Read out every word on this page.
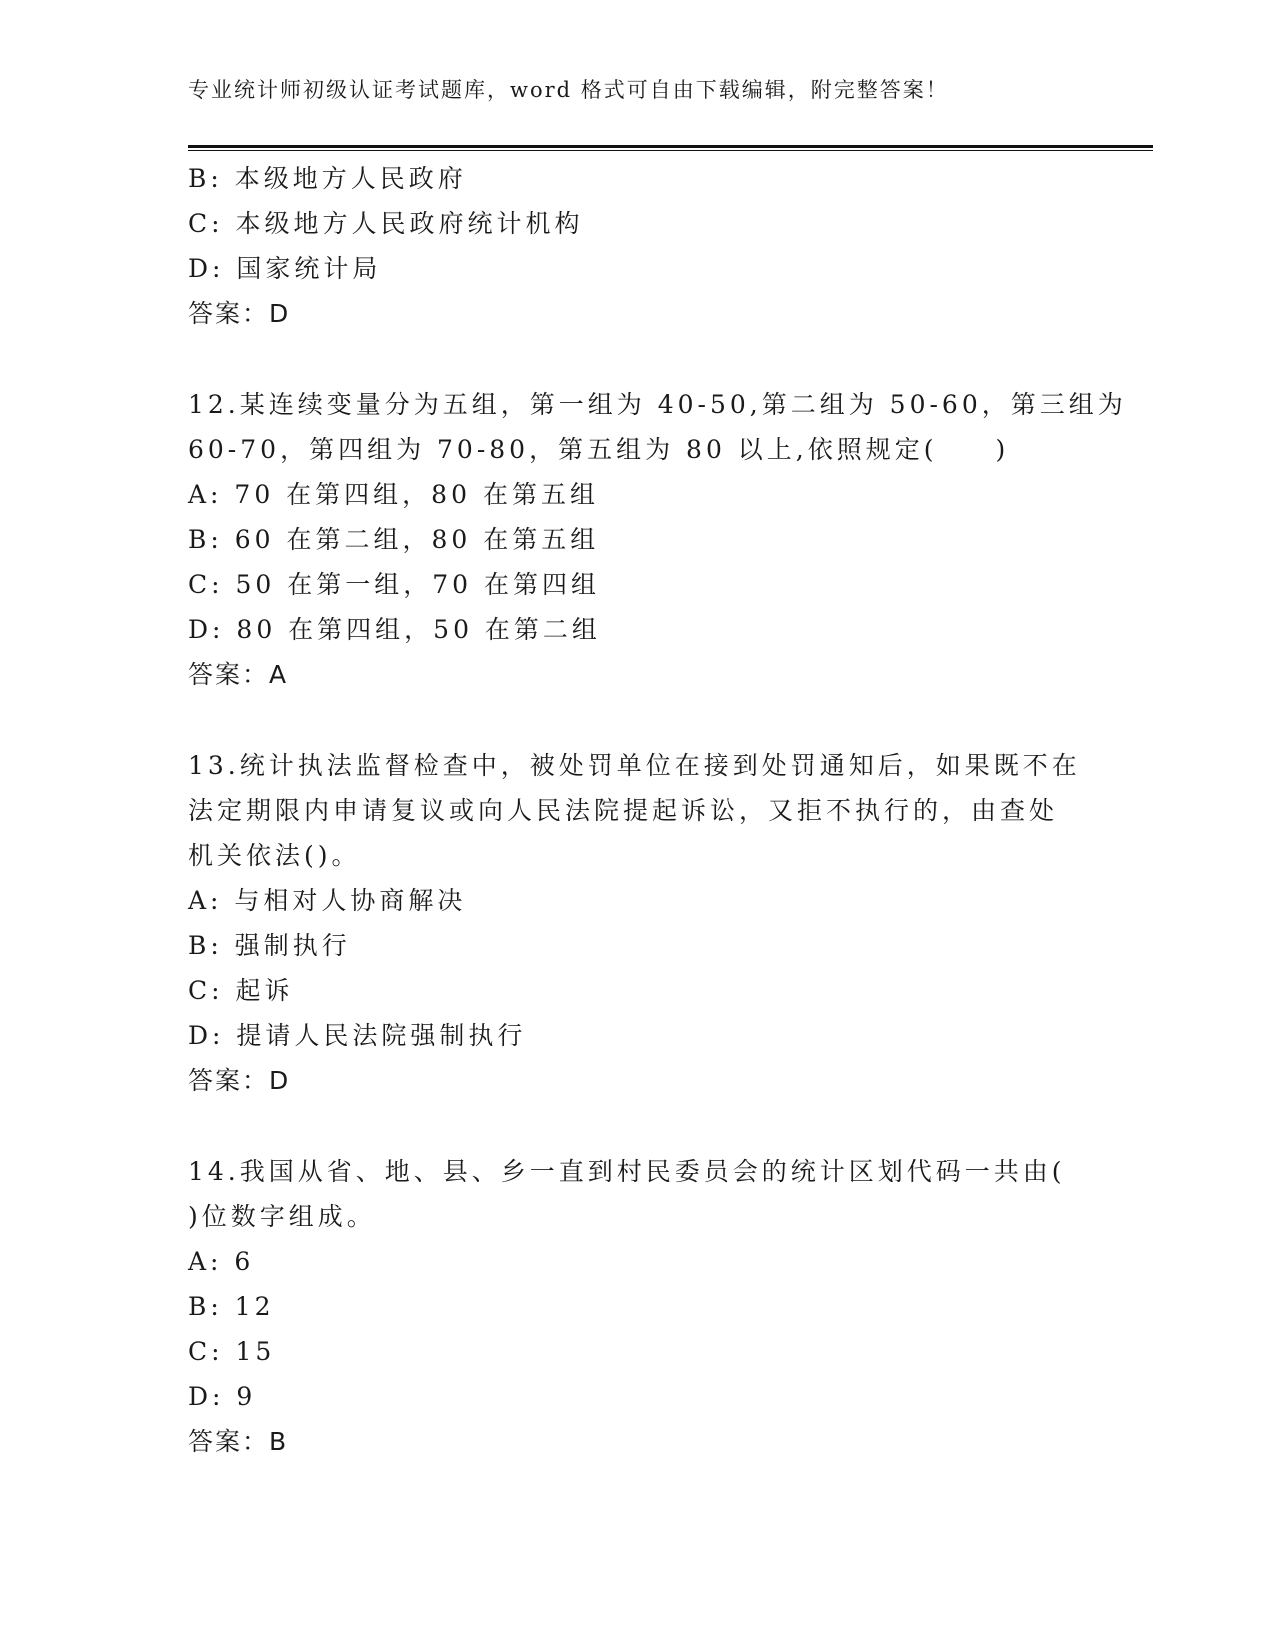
专业统计师初级认证考试题库，word 格式可自由下载编辑，附完整答案！
B: 本级地方人民政府
C: 本级地方人民政府统计机构
D: 国家统计局
答案：D
12.某连续变量分为五组，第一组为 40-50,第二组为 50-60，第三组为
60-70，第四组为 70-80，第五组为 80 以上,依照规定(　　)
A: 70 在第四组，80 在第五组
B: 60 在第二组，80 在第五组
C: 50 在第一组，70 在第四组
D: 80 在第四组，50 在第二组
答案：A
13.统计执法监督检查中，被处罚单位在接到处罚通知后，如果既不在
法定期限内申请复议或向人民法院提起诉讼，又拒不执行的，由查处
机关依法()。
A: 与相对人协商解决
B: 强制执行
C: 起诉
D: 提请人民法院强制执行
答案：D
14.我国从省、地、县、乡一直到村民委员会的统计区划代码一共由(
)位数字组成。
A: 6
B: 12
C: 15
D: 9
答案：B
